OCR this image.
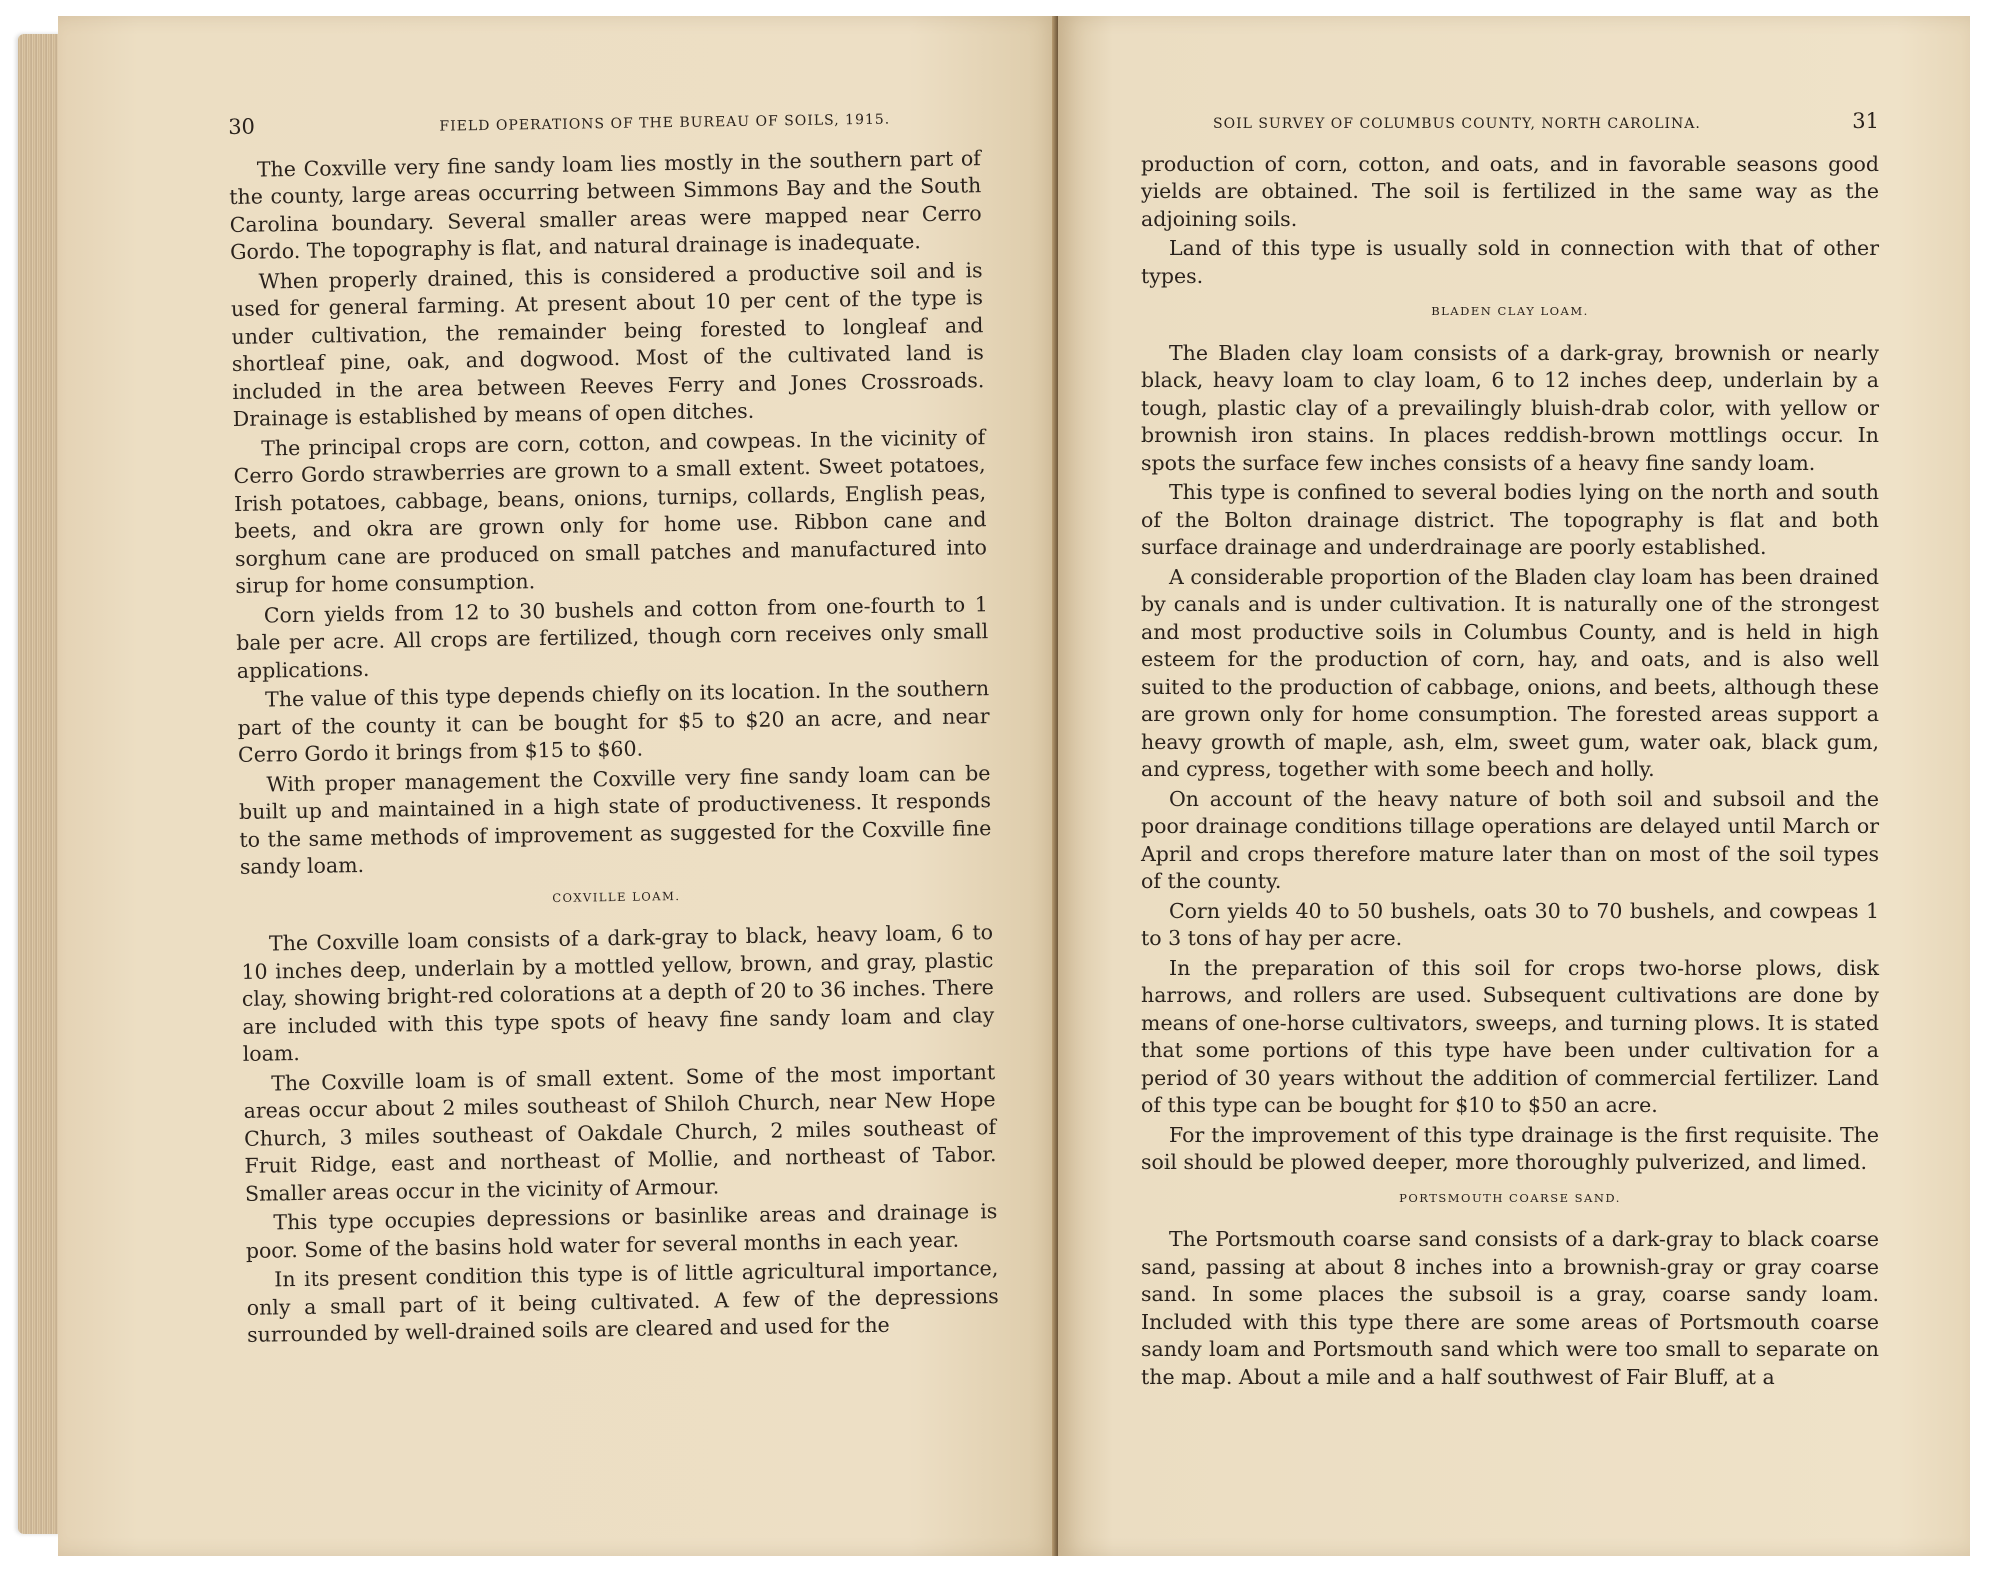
30	FIELD OPERATIONS OF THE BUREAU OF SOILS, 1915.

The Coxville very fine sandy loam lies mostly in the southern part of the county, large areas occurring between Simmons Bay and the South Carolina boundary. Several smaller areas were mapped near Cerro Gordo. The topography is flat, and natural drainage is inadequate.

When properly drained, this is considered a productive soil and is used for general farming. At present about 10 per cent of the type is under cultivation, the remainder being forested to longleaf and shortleaf pine, oak, and dogwood. Most of the cultivated land is included in the area between Reeves Ferry and Jones Crossroads. Drainage is established by means of open ditches.

The principal crops are corn, cotton, and cowpeas. In the vicinity of Cerro Gordo strawberries are grown to a small extent. Sweet potatoes, Irish potatoes, cabbage, beans, onions, turnips, collards, English peas, beets, and okra are grown only for home use. Ribbon cane and sorghum cane are produced on small patches and manufactured into sirup for home consumption.

Corn yields from 12 to 30 bushels and cotton from one-fourth to 1 bale per acre. All crops are fertilized, though corn receives only small applications.

The value of this type depends chiefly on its location. In the southern part of the county it can be bought for $5 to $20 an acre, and near Cerro Gordo it brings from $15 to $60.

With proper management the Coxville very fine sandy loam can be built up and maintained in a high state of productiveness. It responds to the same methods of improvement as suggested for the Coxville fine sandy loam.

COXVILLE LOAM.

The Coxville loam consists of a dark-gray to black, heavy loam, 6 to 10 inches deep, underlain by a mottled yellow, brown, and gray, plastic clay, showing bright-red colorations at a depth of 20 to 36 inches. There are included with this type spots of heavy fine sandy loam and clay loam.

The Coxville loam is of small extent. Some of the most important areas occur about 2 miles southeast of Shiloh Church, near New Hope Church, 3 miles southeast of Oakdale Church, 2 miles southeast of Fruit Ridge, east and northeast of Mollie, and northeast of Tabor. Smaller areas occur in the vicinity of Armour.

This type occupies depressions or basinlike areas and drainage is poor. Some of the basins hold water for several months in each year.

In its present condition this type is of little agricultural importance, only a small part of it being cultivated. A few of the depressions surrounded by well-drained soils are cleared and used for the

SOIL SURVEY OF COLUMBUS COUNTY, NORTH CAROLINA.	31

production of corn, cotton, and oats, and in favorable seasons good yields are obtained. The soil is fertilized in the same way as the adjoining soils.

Land of this type is usually sold in connection with that of other types.

BLADEN CLAY LOAM.

The Bladen clay loam consists of a dark-gray, brownish or nearly black, heavy loam to clay loam, 6 to 12 inches deep, underlain by a tough, plastic clay of a prevailingly bluish-drab color, with yellow or brownish iron stains. In places reddish-brown mottlings occur. In spots the surface few inches consists of a heavy fine sandy loam.

This type is confined to several bodies lying on the north and south of the Bolton drainage district. The topography is flat and both surface drainage and underdrainage are poorly established.

A considerable proportion of the Bladen clay loam has been drained by canals and is under cultivation. It is naturally one of the strongest and most productive soils in Columbus County, and is held in high esteem for the production of corn, hay, and oats, and is also well suited to the production of cabbage, onions, and beets, although these are grown only for home consumption. The forested areas support a heavy growth of maple, ash, elm, sweet gum, water oak, black gum, and cypress, together with some beech and holly.

On account of the heavy nature of both soil and subsoil and the poor drainage conditions tillage operations are delayed until March or April and crops therefore mature later than on most of the soil types of the county.

Corn yields 40 to 50 bushels, oats 30 to 70 bushels, and cowpeas 1 to 3 tons of hay per acre.

In the preparation of this soil for crops two-horse plows, disk harrows, and rollers are used. Subsequent cultivations are done by means of one-horse cultivators, sweeps, and turning plows. It is stated that some portions of this type have been under cultivation for a period of 30 years without the addition of commercial fertilizer. Land of this type can be bought for $10 to $50 an acre.

For the improvement of this type drainage is the first requisite. The soil should be plowed deeper, more thoroughly pulverized, and limed.

PORTSMOUTH COARSE SAND.

The Portsmouth coarse sand consists of a dark-gray to black coarse sand, passing at about 8 inches into a brownish-gray or gray coarse sand. In some places the subsoil is a gray, coarse sandy loam. Included with this type there are some areas of Portsmouth coarse sandy loam and Portsmouth sand which were too small to separate on the map. About a mile and a half southwest of Fair Bluff, at a
